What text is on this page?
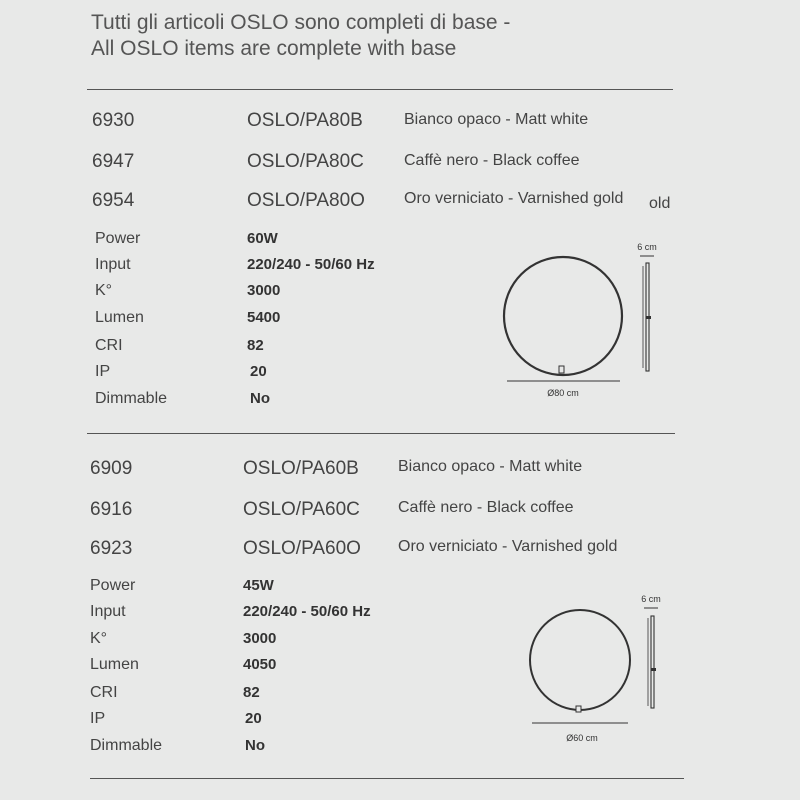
Tutti gli articoli OSLO sono completi di base -
All OSLO items are complete with base
6930	OSLO/PA80B	Bianco opaco - Matt white
6947	OSLO/PA80C	Caffè nero - Black coffee
6954	OSLO/PA80O Oro verniciato - Varnished gold old
Power	60W
Input	220/240 - 50/60 Hz
K°	3000
Lumen	5400
CRI	82
IP	20
Dimmable	No	Ø80 cm
6 cm
6909	OSLO/PA60B Bianco opaco - Matt white
6916	OSLO/PA60C Caffè nero - Black coffee
6923	OSLO/PA60O Oro verniciato - Varnished gold
Power	45W
Input	220/240 - 50/60 Hz
K°	3000
Lumen	4050
CRI	82
IP	20
Dimmable	No	Ø60 cm
6 cm
